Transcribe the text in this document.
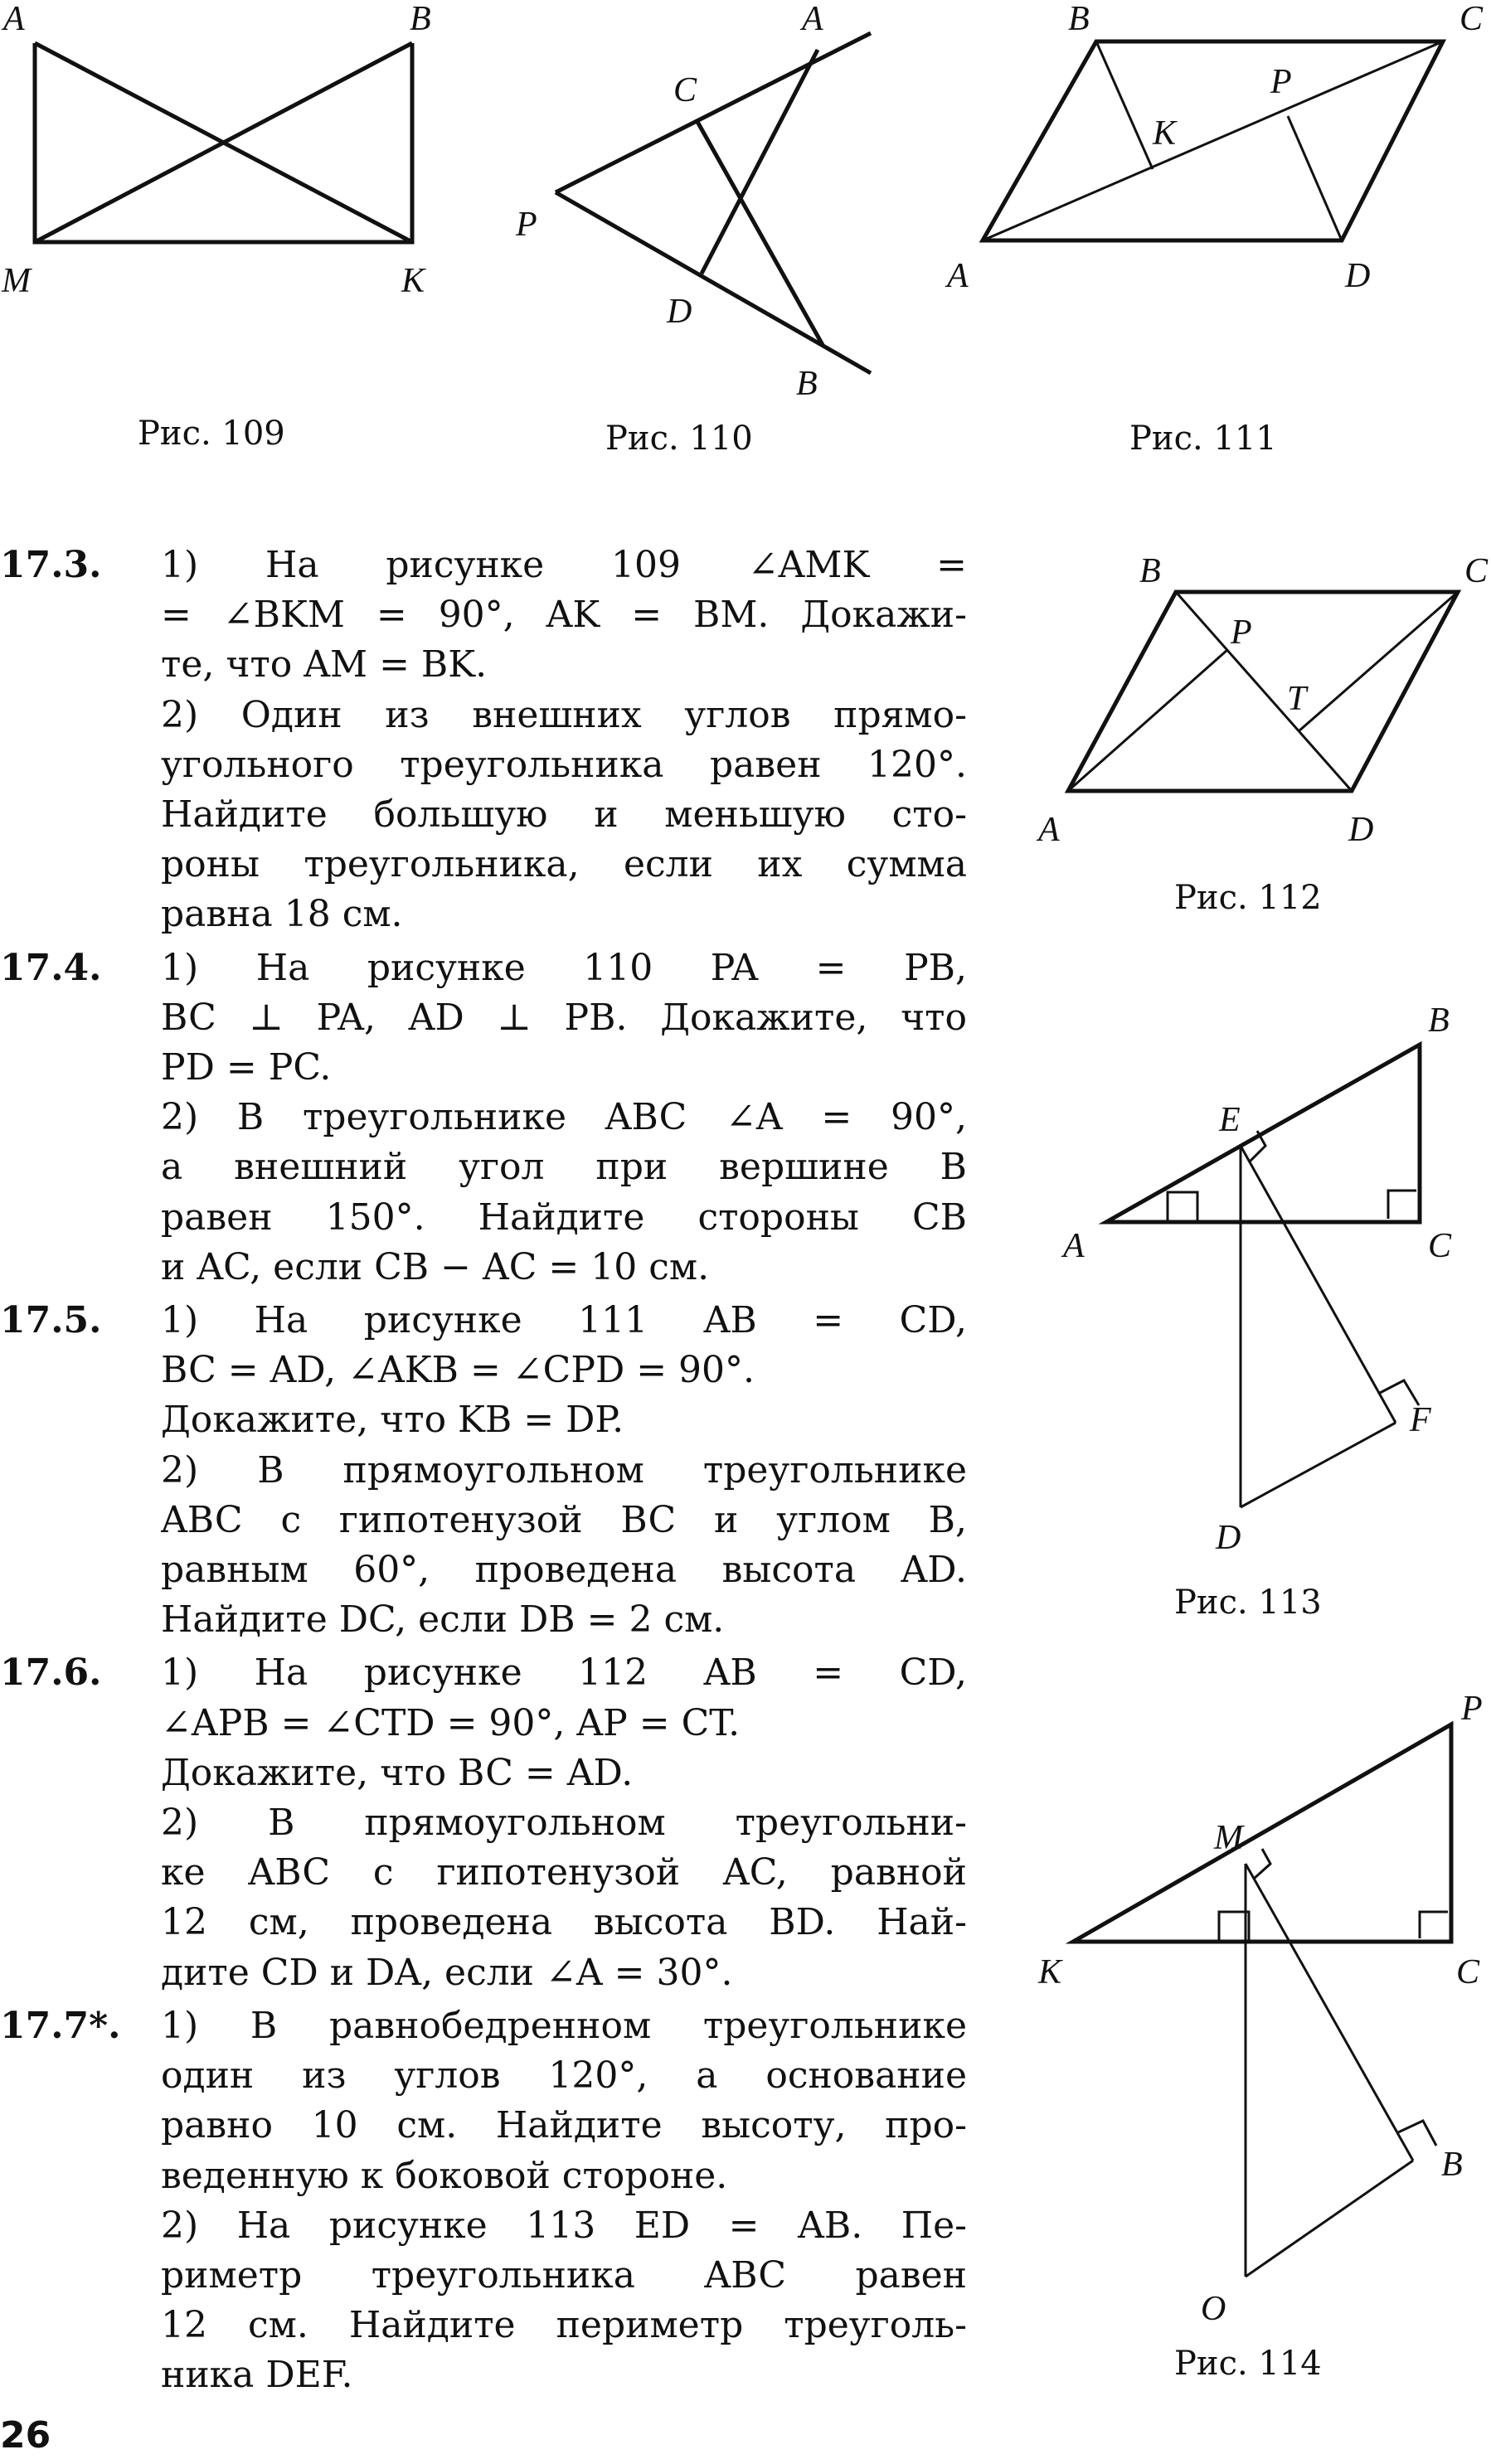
A	B
M	K
Рис. 109
A
C
P
D
B
Рис. 110
B	C
P
K
A	D
Рис. 111
B	C
P
T
A	D
Рис. 112
B
E
A	C
F
D
Рис. 113
P
M
K	C
B
O
Рис. 114
17.3. 1) На рисунке 109 ∠AMK =
= ∠BKM = 90°, AK = BM. Докажи-
те, что AM = BK.
2) Один из внешних углов прямо-
угольного треугольника равен 120°.
Найдите большую и меньшую сто-
роны треугольника, если их сумма
равна 18 см.
17.4. 1) На рисунке 110 PA = PB,
BC ⊥ PA, AD ⊥ PB. Докажите, что
PD = PC.
2) В треугольнике ABC ∠A = 90°,
а внешний угол при вершине B
равен 150°. Найдите стороны CB
и AC, если CB − AC = 10 см.
17.5. 1) На рисунке 111 AB = CD,
BC = AD, ∠AKB = ∠CPD = 90°.
Докажите, что KB = DP.
2) В прямоугольном треугольнике
ABC с гипотенузой BC и углом B,
равным 60°, проведена высота AD.
Найдите DC, если DB = 2 см.
17.6. 1) На рисунке 112 AB = CD,
∠APB = ∠CTD = 90°, AP = CT.
Докажите, что BC = AD.
2) В прямоугольном треугольни-
ке ABC с гипотенузой AC, равной
12 см, проведена высота BD. Най-
дите CD и DA, если ∠A = 30°.
17.7*. 1) В равнобедренном треугольнике
один из углов 120°, а основание
равно 10 см. Найдите высоту, про-
веденную к боковой стороне.
2) На рисунке 113 ED = AB. Пе-
риметр треугольника ABC равен
12 см. Найдите периметр треуголь-
ника DEF.
26
